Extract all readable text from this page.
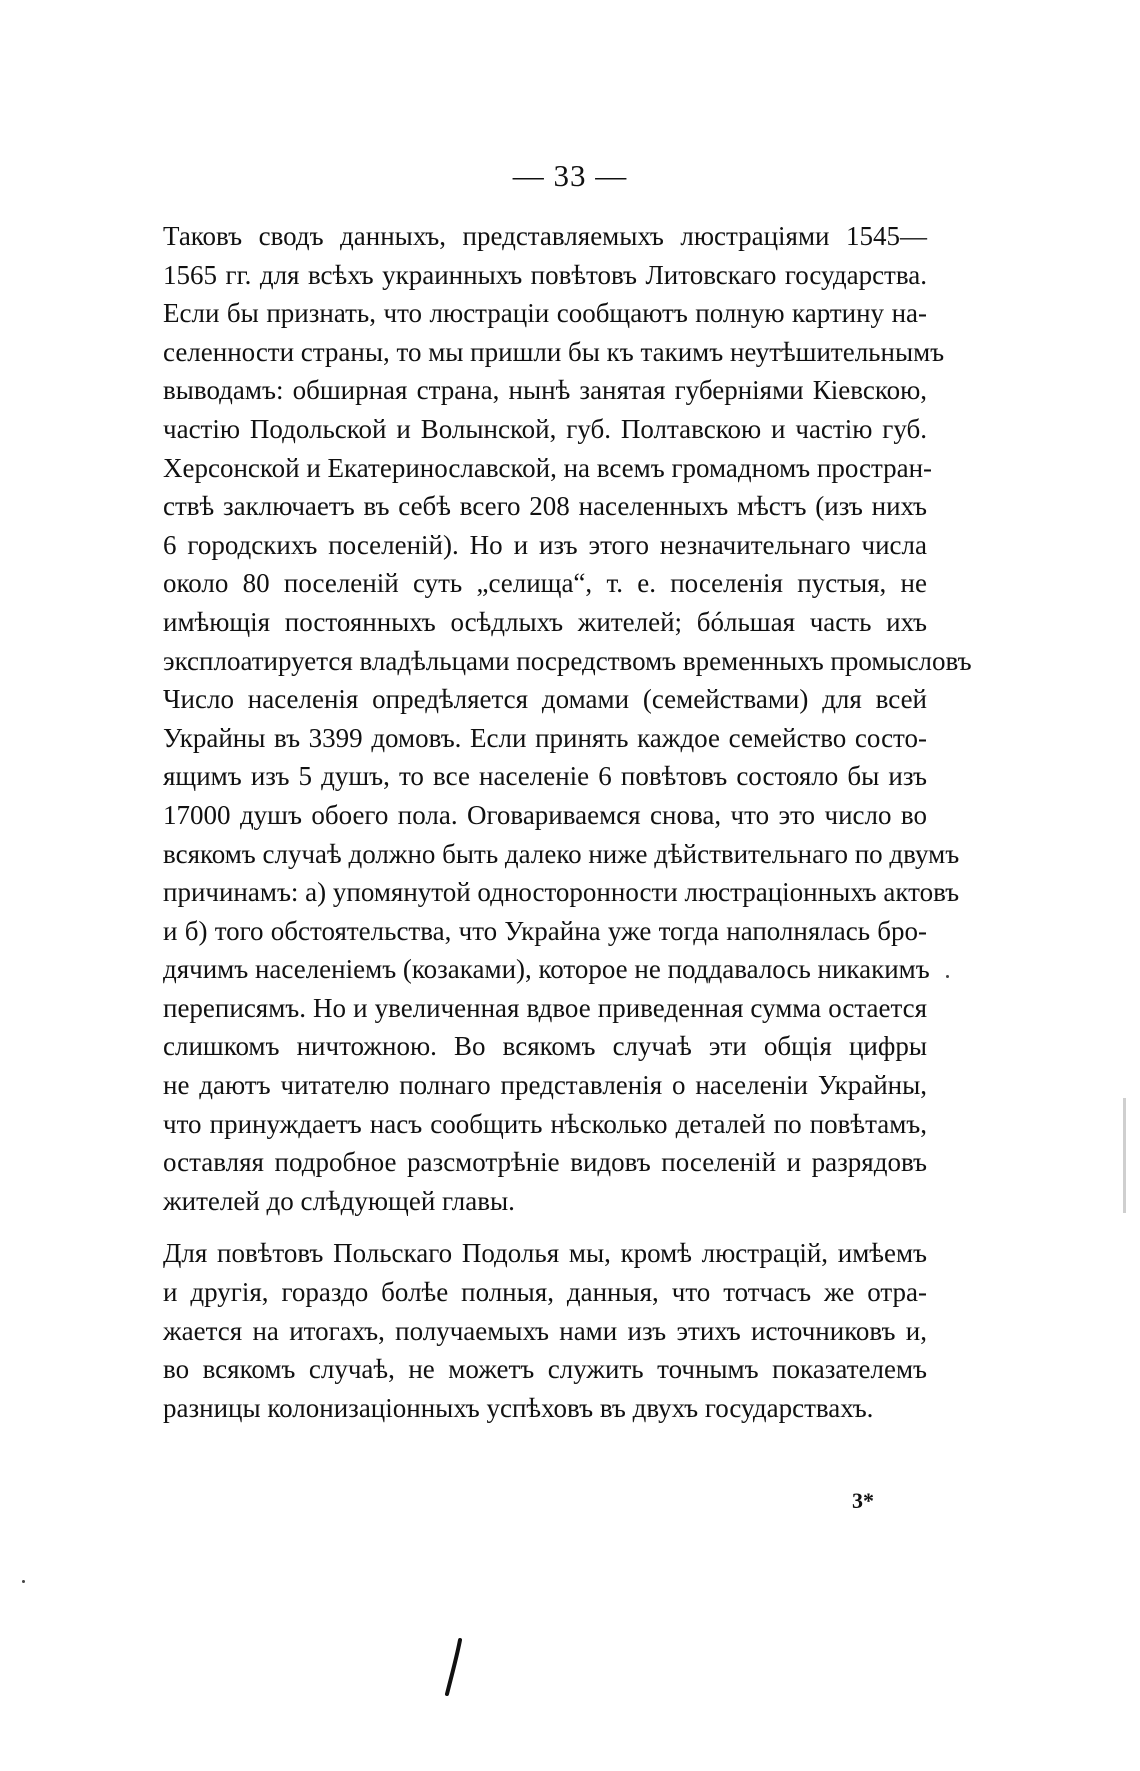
— 33 —
Таковъ сводъ данныхъ, представляемыхъ люстраціями 1545—
1565 гг. для всѣхъ украинныхъ повѣтовъ Литовскаго государства.
Если бы признать, что люстраціи сообщаютъ полную картину на-
селенности страны, то мы пришли бы къ такимъ неутѣшительнымъ
выводамъ: обширная страна, нынѣ занятая губерніями Кіевскою,
частію Подольской и Волынской, губ. Полтавскою и частію губ.
Херсонской и Екатеринославской, на всемъ громадномъ простран-
ствѣ заключаетъ въ себѣ всего 208 населенныхъ мѣстъ (изъ нихъ
6 городскихъ поселеній). Но и изъ этого незначительнаго числа
около 80 поселеній суть „селища“, т. е. поселенія пустыя, не
имѣющія постоянныхъ осѣдлыхъ жителей; бóльшая часть ихъ
эксплоатируется владѣльцами посредствомъ временныхъ промысловъ
Число населенія опредѣляется домами (семействами) для всей
Украйны въ 3399 домовъ. Если принять каждое семейство состо-
ящимъ изъ 5 душъ, то все населеніе 6 повѣтовъ состояло бы изъ
17000 душъ обоего пола. Оговариваемся снова, что это число во
всякомъ случаѣ должно быть далеко ниже дѣйствительнаго по двумъ
причинамъ: а) упомянутой односторонности люстраціонныхъ актовъ
и б) того обстоятельства, что Украйна уже тогда наполнялась бро-
дячимъ населеніемъ (козаками), которое не поддавалось никакимъ
переписямъ. Но и увеличенная вдвое приведенная сумма остается
слишкомъ ничтожною. Во всякомъ случаѣ эти общія цифры
не даютъ читателю полнаго представленія о населеніи Украйны,
что принуждаетъ насъ сообщить нѣсколько деталей по повѣтамъ,
оставляя подробное разсмотрѣніе видовъ поселеній и разрядовъ
жителей до слѣдующей главы.
Для повѣтовъ Польскаго Подолья мы, кромѣ люстрацій, имѣемъ
и другія, гораздо болѣе полныя, данныя, что тотчасъ же отра-
жается на итогахъ, получаемыхъ нами изъ этихъ источниковъ и,
во всякомъ случаѣ, не можетъ служить точнымъ показателемъ
разницы колонизаціонныхъ успѣховъ въ двухъ государствахъ.
3*
